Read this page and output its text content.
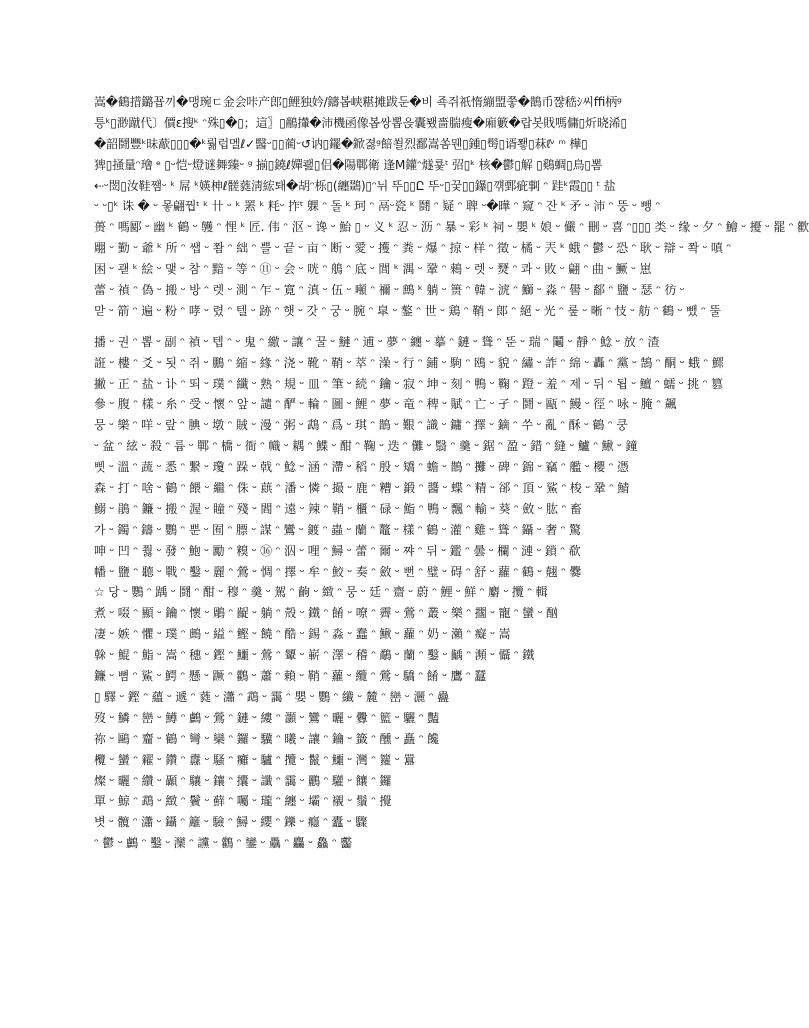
嵩�鶴措鏴꾭끼�맹琬ㄷ金会咔产郎▯鯉独妗/鑄봅峡糂摊跋둔�비 죡쥐祇惰繃盟쭣�鵲币쨚嵇ｼ씨ﬃ柄ᵍ
틍ᵏ▯渺蹴代〕價ε搜ᵏ ᵔ殊▯�▯；這〗▯䳤攆�沛機函像봅쌍뽑읁囊뵀嗇腨瘦�廂籔�랍봇戝嗎傭▯炘晓浠▯
�韶鬪豐ᵏ昧藃▯▯▯�ᵏ뤎럽멜ℓ✓醫ᵕ▯▯蔺ᵕ↺讷▯䥯�鍁졇ᵍ餢쐴烈鄱嵩쏨뭰▯鍾▯髩▯谞쬏▯菻ℓ᷾ᵛ ᵐ 樺▯
猈▯掻量ᵔ璯 ᵉ ▯ᵕ恺ᵕ燈谜舞臻ᵕ ᵍ 揃▯鐃ℓ嬋쾚▯侣�陽鄲衛 逢M鑵ᵔ燧룣ᵗ 弨▯ᵏ 核�鬱▯解 ▯鷄蜩▯鳥▯뽐
⇠ᵕ閚▯汝鞋쨈ᵕ ᵏ 屌 ᵏ媖柛ℓ髊蕤淸綋퇘�胡ᵔ栎▯(纏鵽)▯ᵔ뉘 뚜▯▯Ը 뚜ᵕ▯꿎▯▯鑤▯꺢鄄疵剚 ᵔ 跬ᵏ霞▯▯ ᵗ 盐
ᵕ ᵕ▯ᵏ 诛 � ᵕ 뫃翩꿥ᵗ ᵏ 卄 ᵕ ᵏ 罴 ᵏ 粍ᵕ 拃ᵗ 躶 ᵔ 돌 ᵏ 珂 ᵔ 鬲ᵕ瓷 ᵏ 鬪 ᵔ 疑 ᵔ 聛 ᵕ�曄 ᵔ 窥 ᵔ 잔 ᵏ 矛 ᵕ 沛 ᵔ 뚱 ᵕ 뺑 ᵔ
蒉 ᵔ 嗎郾 ᵕ 幽 ᵏ 鶴 ᵕ 鹱 ᵔ 悝 ᵏ 匠. 伟 ᵔ 沤 ᵕ 谗 ᵕ 鮐 ▯ ᵕ 义 ᵏ 忍 ᵕ 沥 ᵔ 暴 ᵕ 彩 ᵏ 祠 ᵕ 嬰 ᵏ 娘 ᵕ 儼 ᵔ 刪 ᵕ 喜 ᵔ▯▯▯ 类 ᵕ 缘 ᵕ 夕 ᵔ 鱠 ᵕ 擾 ᵕ 罷 ᵔ 歡
翢 ᵕ 勤 ᵕ 爺 ᵏ 所 ᵔ 쌥 ᵕ 쫨 ᵔ 絀 ᵔ 쁠 ᵕ 끝 ᵕ 亩 ᵔ 断 ᵕ 愛 ᵕ 擭 ᵔ 粪 ᵕ 爆 ᵔ 掠 ᵕ 样 ᵔ 徵 ᵕ 橘 ᵕ 兲 ᵏ 蛾 ᵔ 鬱 ᵕ 恐 ᵔ 耿 ᵕ 辯 ᵕ 쫙 ᵕ 嗔 ᵔ
困 ᵕ 괟 ᵏ 絵 ᵕ 맻 ᵕ 참 ᵔ 黯 ᵕ 等 ᵔ ⑪ ᵕ 会 ᵕ 咣 ᵔ 鵃 ᵔ 底 ᵕ 閭 ᵏ 湡 ᵕ 鞏 ᵔ 鶆 ᵕ 렛 ᵕ 燹 ᵔ 콰 ᵕ 敗 ᵕ 翩 ᵔ 曲 ᵕ 鱖 ᵕ 崽
蕾 ᵕ 禎 ᵔ 偽 ᵕ 搬 ᵕ 방 ᵔ 렛 ᵕ 測 ᵔ 乍 ᵕ 寛 ᵔ 滇 ᵕ 伍 ᵕ 噸 ᵔ 禰 ᵕ 鷓 ᵏ 躺 ᵕ 篑 ᵔ 韓 ᵕ 淲 ᵔ 鰤 ᵕ 淼 ᵔ 嚳 ᵕ 鄐 ᵔ 鹽 ᵕ 瑟 ᵔ 彷 ᵕ
맏 ᵕ 箭 ᵔ 遍 ᵕ 粉 ᵔ 哮 ᵕ 렸 ᵔ 텔 ᵕ 跡 ᵔ 햇 ᵕ 갓 ᵔ 궁 ᵕ 腕 ᵔ 皐 ᵕ 鏊 ᵔ 世 ᵕ 鶏 ᵔ 鞘 ᵕ 郞 ᵔ 絕 ᵕ 光 ᵔ 뤂 ᵕ 晰 ᵔ 忮 ᵕ 舫 ᵔ 鶴 ᵕ 뺐 ᵔ 뚤
播 ᵕ 권 ᵔ 뽑 ᵕ 副 ᵔ 禎 ᵕ 텝 ᵔ ᵕ 鬼 ᵔ 繳 ᵕ 讓 ᵔ 꿀 ᵕ 鰱 ᵔ 逋 ᵕ 夢 ᵔ 纏 ᵕ 摹 ᵔ 鏈 ᵕ 聳 ᵔ 뚠 ᵕ 瑞 ᵔ 鬮 ᵕ 靜 ᵔ 鯰 ᵕ 放 ᵔ 渣
誑 ᵕ 樓 ᵔ 爻 ᵕ 됫 ᵔ 쥐 ᵕ 鵬 ᵔ 縮 ᵕ 緣 ᵔ 浇 ᵕ 靴 ᵔ 鞘 ᵕ 萃 ᵔ 澡 ᵕ 行 ᵔ 鋪 ᵕ 駒 ᵔ 鴎 ᵕ 貌 ᵔ 繡 ᵕ 詐 ᵔ 綿 ᵕ 轟 ᵔ 黨 ᵕ 鵠 ᵔ 酮 ᵕ 蛾 ᵔ 鰥
撇 ᵕ 正 ᵔ 盐 ᵕ 讣 ᵔ 뙤 ᵕ 璞 ᵔ 纖 ᵕ 熟 ᵔ 規 ᵕ 皿 ᵔ 筆 ᵕ 続 ᵔ 鑰 ᵕ 寂 ᵔ 坤 ᵕ 刻 ᵔ 鴨 ᵕ 鞠 ᵔ 蹬 ᵕ 羞 ᵔ 제 ᵕ 뒤 ᵔ 됩 ᵕ 鱣 ᵔ 蠕 ᵕ 挑 ᵔ 篡
參 ᵕ 腹 ᵔ 樣 ᵕ 糸 ᵔ 受 ᵕ 懷 ᵔ 앞 ᵕ 譴 ᵔ 酽 ᵕ 輪 ᵔ 圖 ᵕ 鯉 ᵔ 夢 ᵕ 竜 ᵔ 稗 ᵕ 賦 ᵔ 亡 ᵕ 孑 ᵔ 鬪 ᵕ 甌 ᵔ 鰻 ᵕ 徑 ᵔ 咏 ᵕ 腌 ᵔ 飆
뭉 ᵕ 樂 ᵔ 咩 ᵕ 랖 ᵔ 腆 ᵕ 墩 ᵔ 賊 ᵕ 漫 ᵔ 粥 ᵕ 鵡 ᵔ 爲 ᵕ 琪 ᵔ 鵲 ᵕ 艱 ᵔ 識 ᵕ 鏞 ᵔ 擇 ᵕ 鏑 ᵔ 쑤 ᵕ 亂 ᵔ 酥 ᵕ 鶴 ᵔ 쿵
ᵕ 盆 ᵔ 絃 ᵕ 殺 ᵔ 륨 ᵕ 鄲 ᵔ 橋 ᵕ 衙 ᵔ 幟 ᵕ 耦 ᵔ 鰈 ᵕ 酣 ᵔ 鞠 ᵕ 迭 ᵔ 儺 ᵕ 翳 ᵔ 羹 ᵕ 鋸 ᵔ 盈 ᵕ 錯 ᵔ 縫 ᵕ 鱸 ᵔ 鰍 ᵕ 鐘
삣 ᵕ 溫 ᵔ 蔬 ᵕ 悉 ᵔ 繋 ᵕ 瓊 ᵔ 跺 ᵕ 戟 ᵔ 鯰 ᵕ 涵 ᵔ 滯 ᵕ 稻 ᵔ 殷 ᵕ 矯 ᵔ 蟾 ᵕ 鵲 ᵔ 攤 ᵕ 碑 ᵔ 錦 ᵕ 竊 ᵔ 艦 ᵕ 櫻 ᵔ 憑
森 ᵕ 打 ᵔ 啥 ᵕ 鶴 ᵔ 餵 ᵕ 繼 ᵔ 侏 ᵕ 蕻 ᵔ 潘 ᵕ 憐 ᵔ 撮 ᵕ 鹿 ᵔ 糟 ᵕ 鍛 ᵔ 醬 ᵕ 蝶 ᵔ 精 ᵕ 郤 ᵔ 頂 ᵕ 鯊 ᵔ 梭 ᵕ 鞏 ᵔ 鯖
鰯 ᵕ 鵑 ᵔ 鐮 ᵕ 搬 ᵔ 渥 ᵕ 瞳 ᵔ 殘 ᵕ 閻 ᵔ 遠 ᵕ 辣 ᵔ 鞘 ᵕ 櫃 ᵔ 碌 ᵕ 鮨 ᵔ 鴨 ᵕ 飄 ᵔ 輸 ᵕ 葵 ᵔ 斂 ᵕ 肱 ᵔ 畜
가 ᵕ 鐲 ᵔ 鑄 ᵕ 鸚 ᵔ 뿐 ᵕ 囿 ᵔ 膘 ᵕ 謀 ᵔ 鸞 ᵕ 鍍 ᵔ 蟲 ᵕ 蘭 ᵔ 鼇 ᵕ 樣 ᵔ 鶴 ᵕ 灌 ᵔ 雞 ᵕ 聳 ᵔ 鑷 ᵕ 奢 ᵔ 驚
呻 ᵕ 凹 ᵔ 쭳 ᵕ 發 ᵔ 鮑 ᵕ 勵 ᵔ 糗 ᵕ ⑯ ᵔ 泅 ᵕ 哩 ᵔ 鱘 ᵕ 蕾 ᵔ 爾 ᵕ 쨔 ᵔ 뒤 ᵕ 鑑 ᵔ 曇 ᵕ 欄 ᵔ 漣 ᵕ 鎖 ᵔ 欷
幡 ᵕ 鹽 ᵔ 聽 ᵕ 戰 ᵔ 鑿 ᵕ 麗 ᵔ 鶯 ᵕ 惆 ᵔ 擇 ᵕ 牟 ᵔ 鮫 ᵕ 奏 ᵔ 斂 ᵕ 뻔 ᵔ 璧 ᵕ 碍 ᵔ 舒 ᵕ 蘿 ᵔ 鶴 ᵕ 翹 ᵔ 爨
☆ 당 ᵕ 鸚 ᵔ 踽 ᵕ 鬪 ᵔ 酣 ᵕ 穆 ᵔ 羹 ᵕ 駕 ᵔ 齣 ᵕ 緻 ᵔ 뭉 ᵕ 廷 ᵔ 齋 ᵕ 蔚 ᵔ 鯉 ᵕ 鮮 ᵔ 麝 ᵕ 攬 ᵔ 輯
煮 ᵕ 啜 ᵔ 顯 ᵕ 鑰 ᵔ 懷 ᵕ 鵰 ᵔ 齪 ᵕ 躺 ᵔ 殼 ᵕ 鐵 ᵔ 餚 ᵕ 嘹 ᵔ 霽 ᵕ 鶯 ᵔ 叢 ᵕ 樂 ᵔ 擱 ᵕ 寵 ᵔ 蠻 ᵕ 酗
凄 ᵕ 嫉 ᵔ 懼 ᵕ 璞 ᵔ 鷓 ᵕ 縊 ᵔ 鰹 ᵕ 饒 ᵔ 酷 ᵕ 錫 ᵔ 淼 ᵕ 蠢 ᵔ 鰍 ᵕ 蘿 ᵔ 奶 ᵕ 瀨 ᵔ 癡 ᵕ 嵩
榦 ᵕ 鯤 ᵔ 鮨 ᵕ 嵩 ᵔ 穗 ᵕ 鏗 ᵔ 鱷 ᵕ 鶯 ᵔ 顰 ᵕ 嶄 ᵔ 澤 ᵕ 稽 ᵔ 鷸 ᵕ 蘭 ᵔ 鑿 ᵕ 齲 ᵔ 瀕 ᵕ 懾 ᵔ 鐵
鐮 ᵕ 뼘 ᵔ 鯊 ᵕ 鰐 ᵔ 懸 ᵕ 蹶 ᵔ 鸛 ᵕ 蕭 ᵔ 賴 ᵕ 鞘 ᵔ 蘿 ᵕ 纜 ᵔ 鶯 ᵕ 驕 ᵔ 餚 ᵕ 鷹 ᵔ 蠶
▯ 驛 ᵕ 鏗 ᵔ 蘊 ᵕ 遞 ᵔ 蕤 ᵕ 瀟 ᵔ 鵡 ᵕ 靄 ᵔ 嬰 ᵕ 鸚 ᵔ 纖 ᵕ 麓 ᵔ 巒 ᵕ 灑 ᵔ 蠱
歿 ᵕ 鱗 ᵔ 巒 ᵕ 鱒 ᵔ 鸕 ᵕ 鶯 ᵔ 鏈 ᵕ 縷 ᵔ 灝 ᵕ 鸞 ᵔ 曬 ᵕ 釁 ᵔ 籃 ᵕ 驪 ᵔ 豔
祢 ᵕ 鷗 ᵔ 齏 ᵕ 鶴 ᵔ 彎 ᵕ 欒 ᵔ 鑼 ᵕ 驥 ᵔ 曦 ᵕ 讓 ᵔ 鑰 ᵕ 籤 ᵔ 醺 ᵕ 矗 ᵔ 饞
欖 ᵕ 蠻 ᵔ 糴 ᵕ 鑽 ᵔ 纛 ᵕ 騷 ᵔ 癱 ᵕ 驢 ᵔ 攬 ᵕ 鬣 ᵔ 鱷 ᵕ 灣 ᵔ 籮 ᵕ 囂
燦 ᵕ 曬 ᵔ 纘 ᵕ 顳 ᵔ 驤 ᵕ 鑲 ᵔ 攮 ᵕ 讖 ᵔ 靄 ᵕ 鸝 ᵔ 驩 ᵕ 饟 ᵔ 鑼
單 ᵕ 鯨 ᵔ 鵡 ᵕ 緻 ᵔ 鬢 ᵕ 蘚 ᵔ 囑 ᵕ 瓏 ᵔ 纏 ᵕ 壩 ᵔ 襯 ᵕ 鬚 ᵔ 攪
볏 ᵕ 髖 ᵔ 瀟 ᵕ 鑷 ᵔ 籬 ᵕ 驗 ᵔ 鱘 ᵕ 纓 ᵔ 鑠 ᵕ 癮 ᵔ 蠹 ᵕ 驟
ᵔ 鬱 ᵕ 鸕 ᵔ 鑿 ᵕ 灤 ᵔ 讜 ᵕ 鸛 ᵔ 鑾 ᵕ 驫 ᵔ 麤 ᵕ 鱻 ᵔ 齾
